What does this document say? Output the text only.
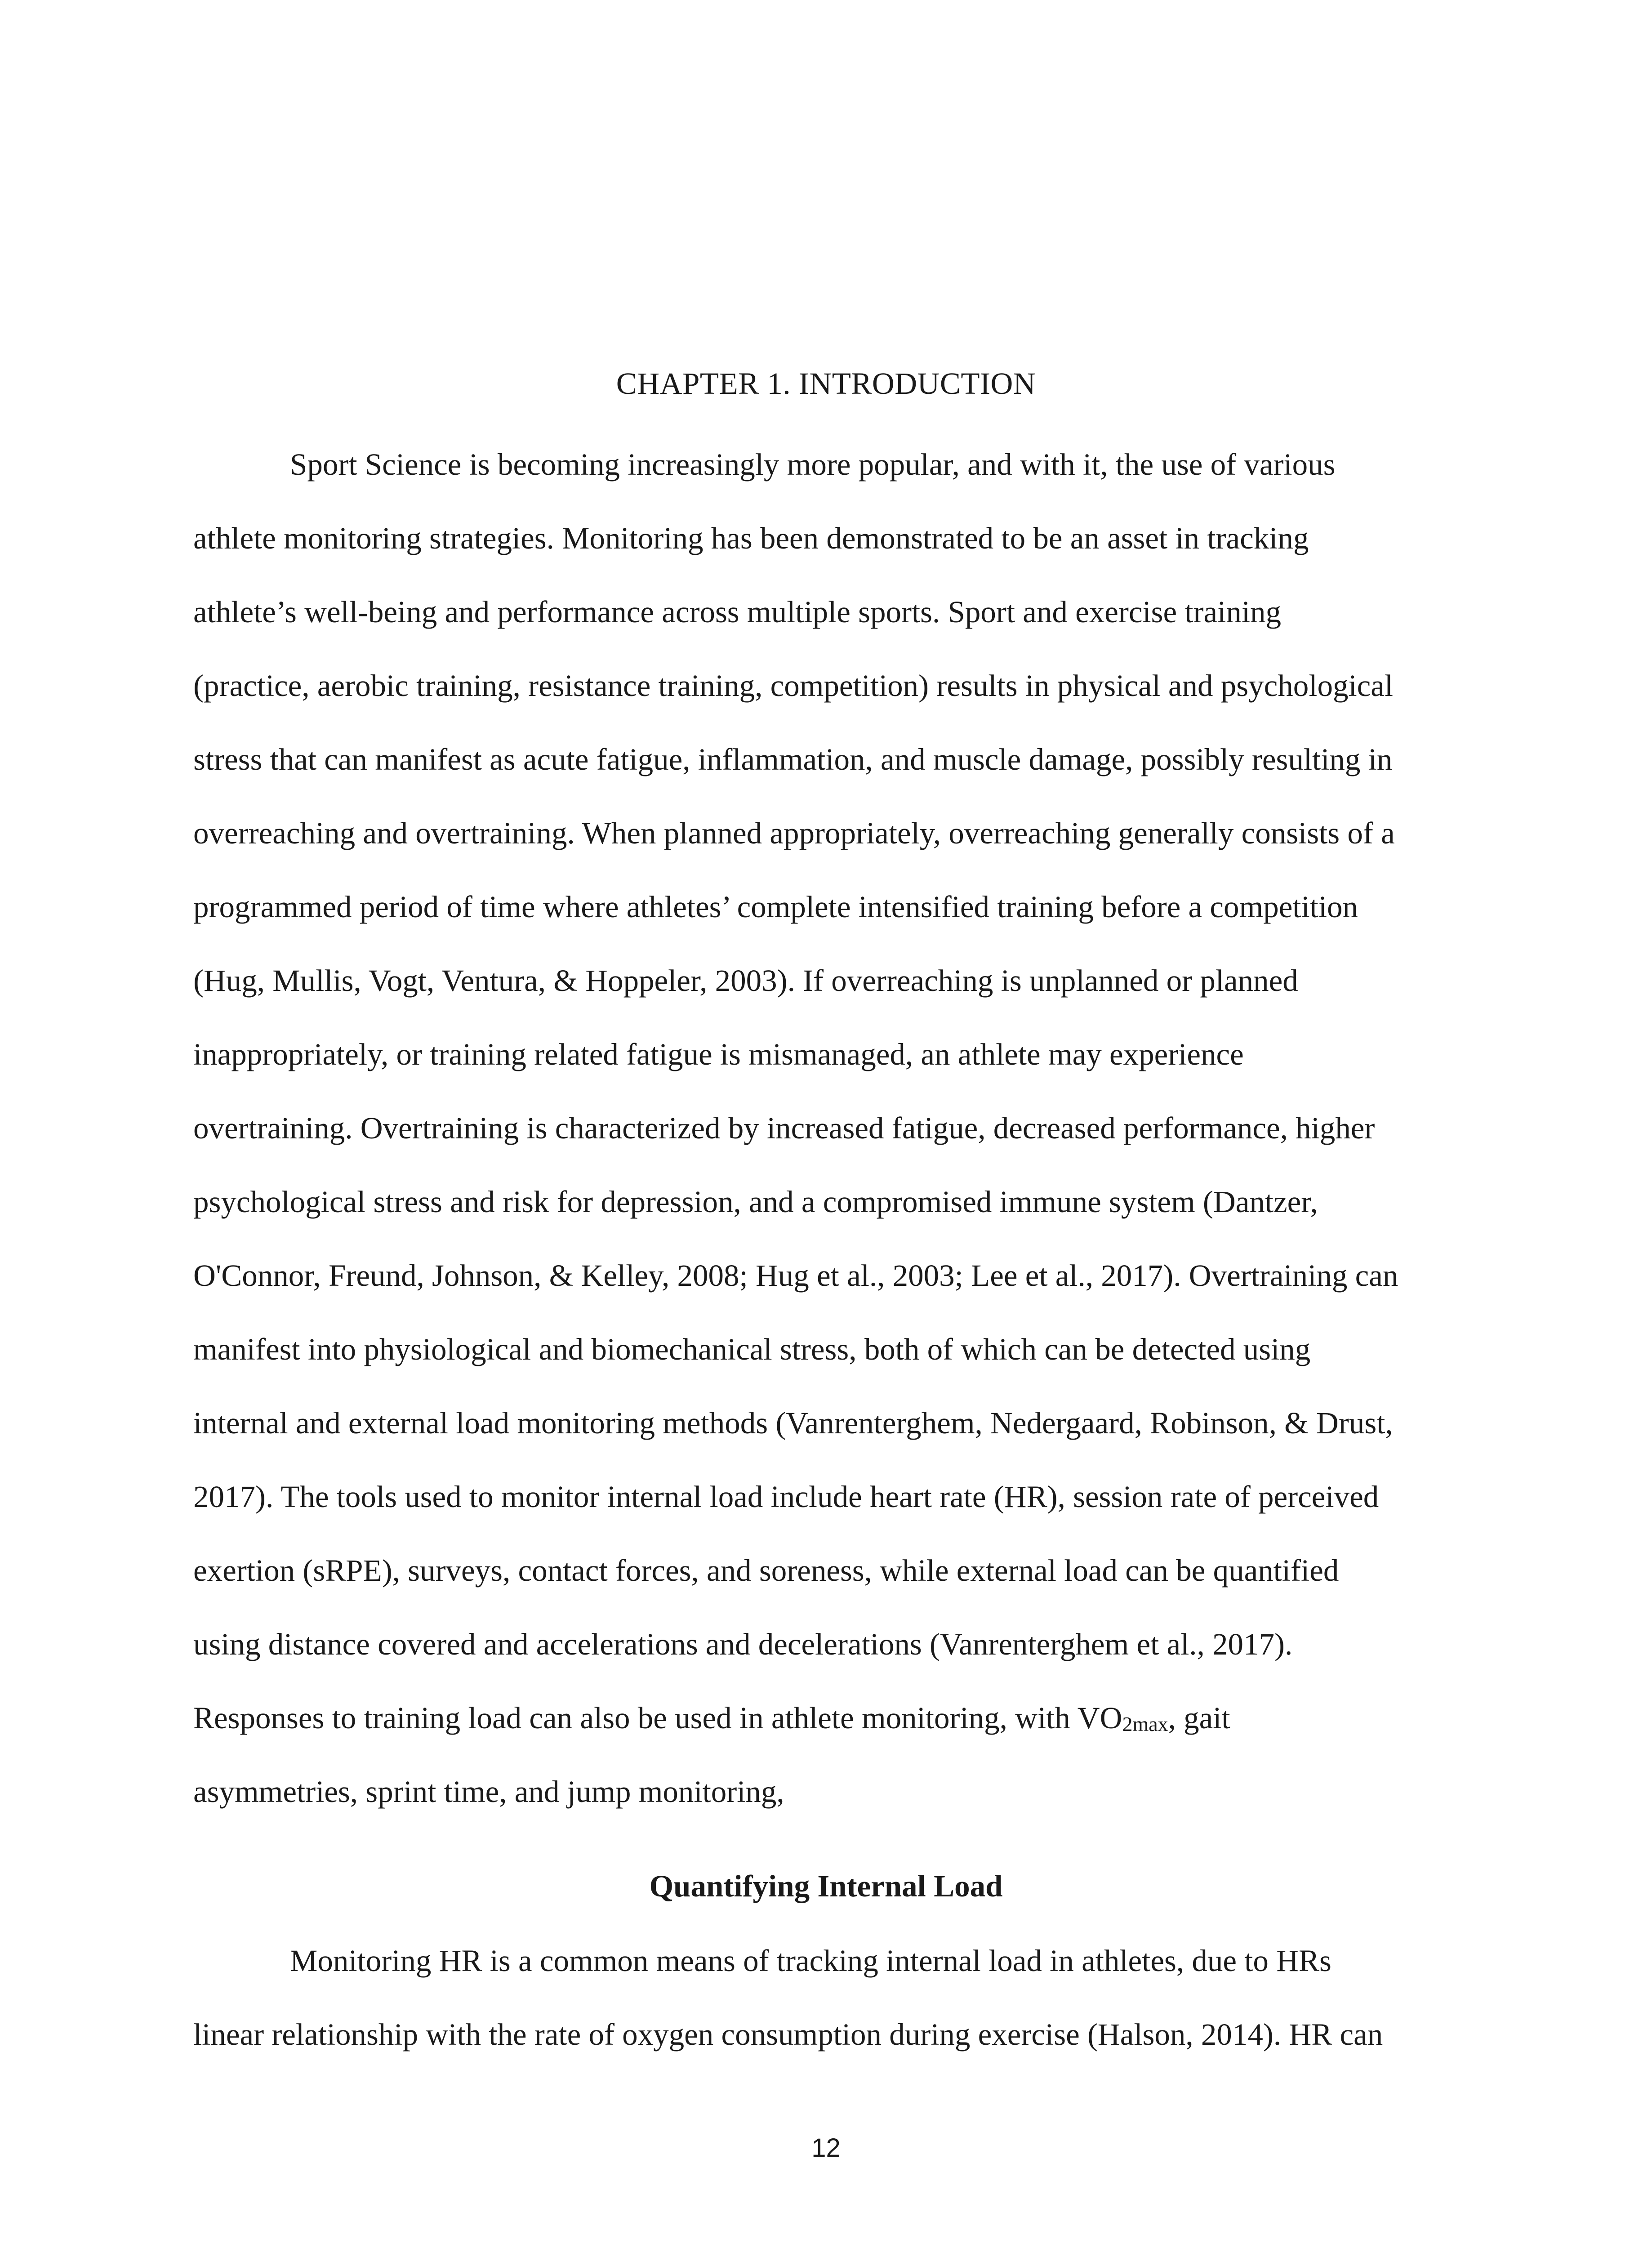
CHAPTER 1. INTRODUCTION
Sport Science is becoming increasingly more popular, and with it, the use of various
athlete monitoring strategies. Monitoring has been demonstrated to be an asset in tracking
athlete’s well-being and performance across multiple sports. Sport and exercise training
(practice, aerobic training, resistance training, competition) results in physical and psychological
stress that can manifest as acute fatigue, inflammation, and muscle damage, possibly resulting in
overreaching and overtraining. When planned appropriately, overreaching generally consists of a
programmed period of time where athletes’ complete intensified training before a competition
(Hug, Mullis, Vogt, Ventura, & Hoppeler, 2003). If overreaching is unplanned or planned
inappropriately, or training related fatigue is mismanaged, an athlete may experience
overtraining. Overtraining is characterized by increased fatigue, decreased performance, higher
psychological stress and risk for depression, and a compromised immune system (Dantzer,
O'Connor, Freund, Johnson, & Kelley, 2008; Hug et al., 2003; Lee et al., 2017). Overtraining can
manifest into physiological and biomechanical stress, both of which can be detected using
internal and external load monitoring methods (Vanrenterghem, Nedergaard, Robinson, & Drust,
2017). The tools used to monitor internal load include heart rate (HR), session rate of perceived
exertion (sRPE), surveys, contact forces, and soreness, while external load can be quantified
using distance covered and accelerations and decelerations (Vanrenterghem et al., 2017).
Responses to training load can also be used in athlete monitoring, with $VO_{2max}$, gait
asymmetries, sprint time, and jump monitoring,
Quantifying Internal Load
Monitoring HR is a common means of tracking internal load in athletes, due to HRs
linear relationship with the rate of oxygen consumption during exercise (Halson, 2014). HR can
12
